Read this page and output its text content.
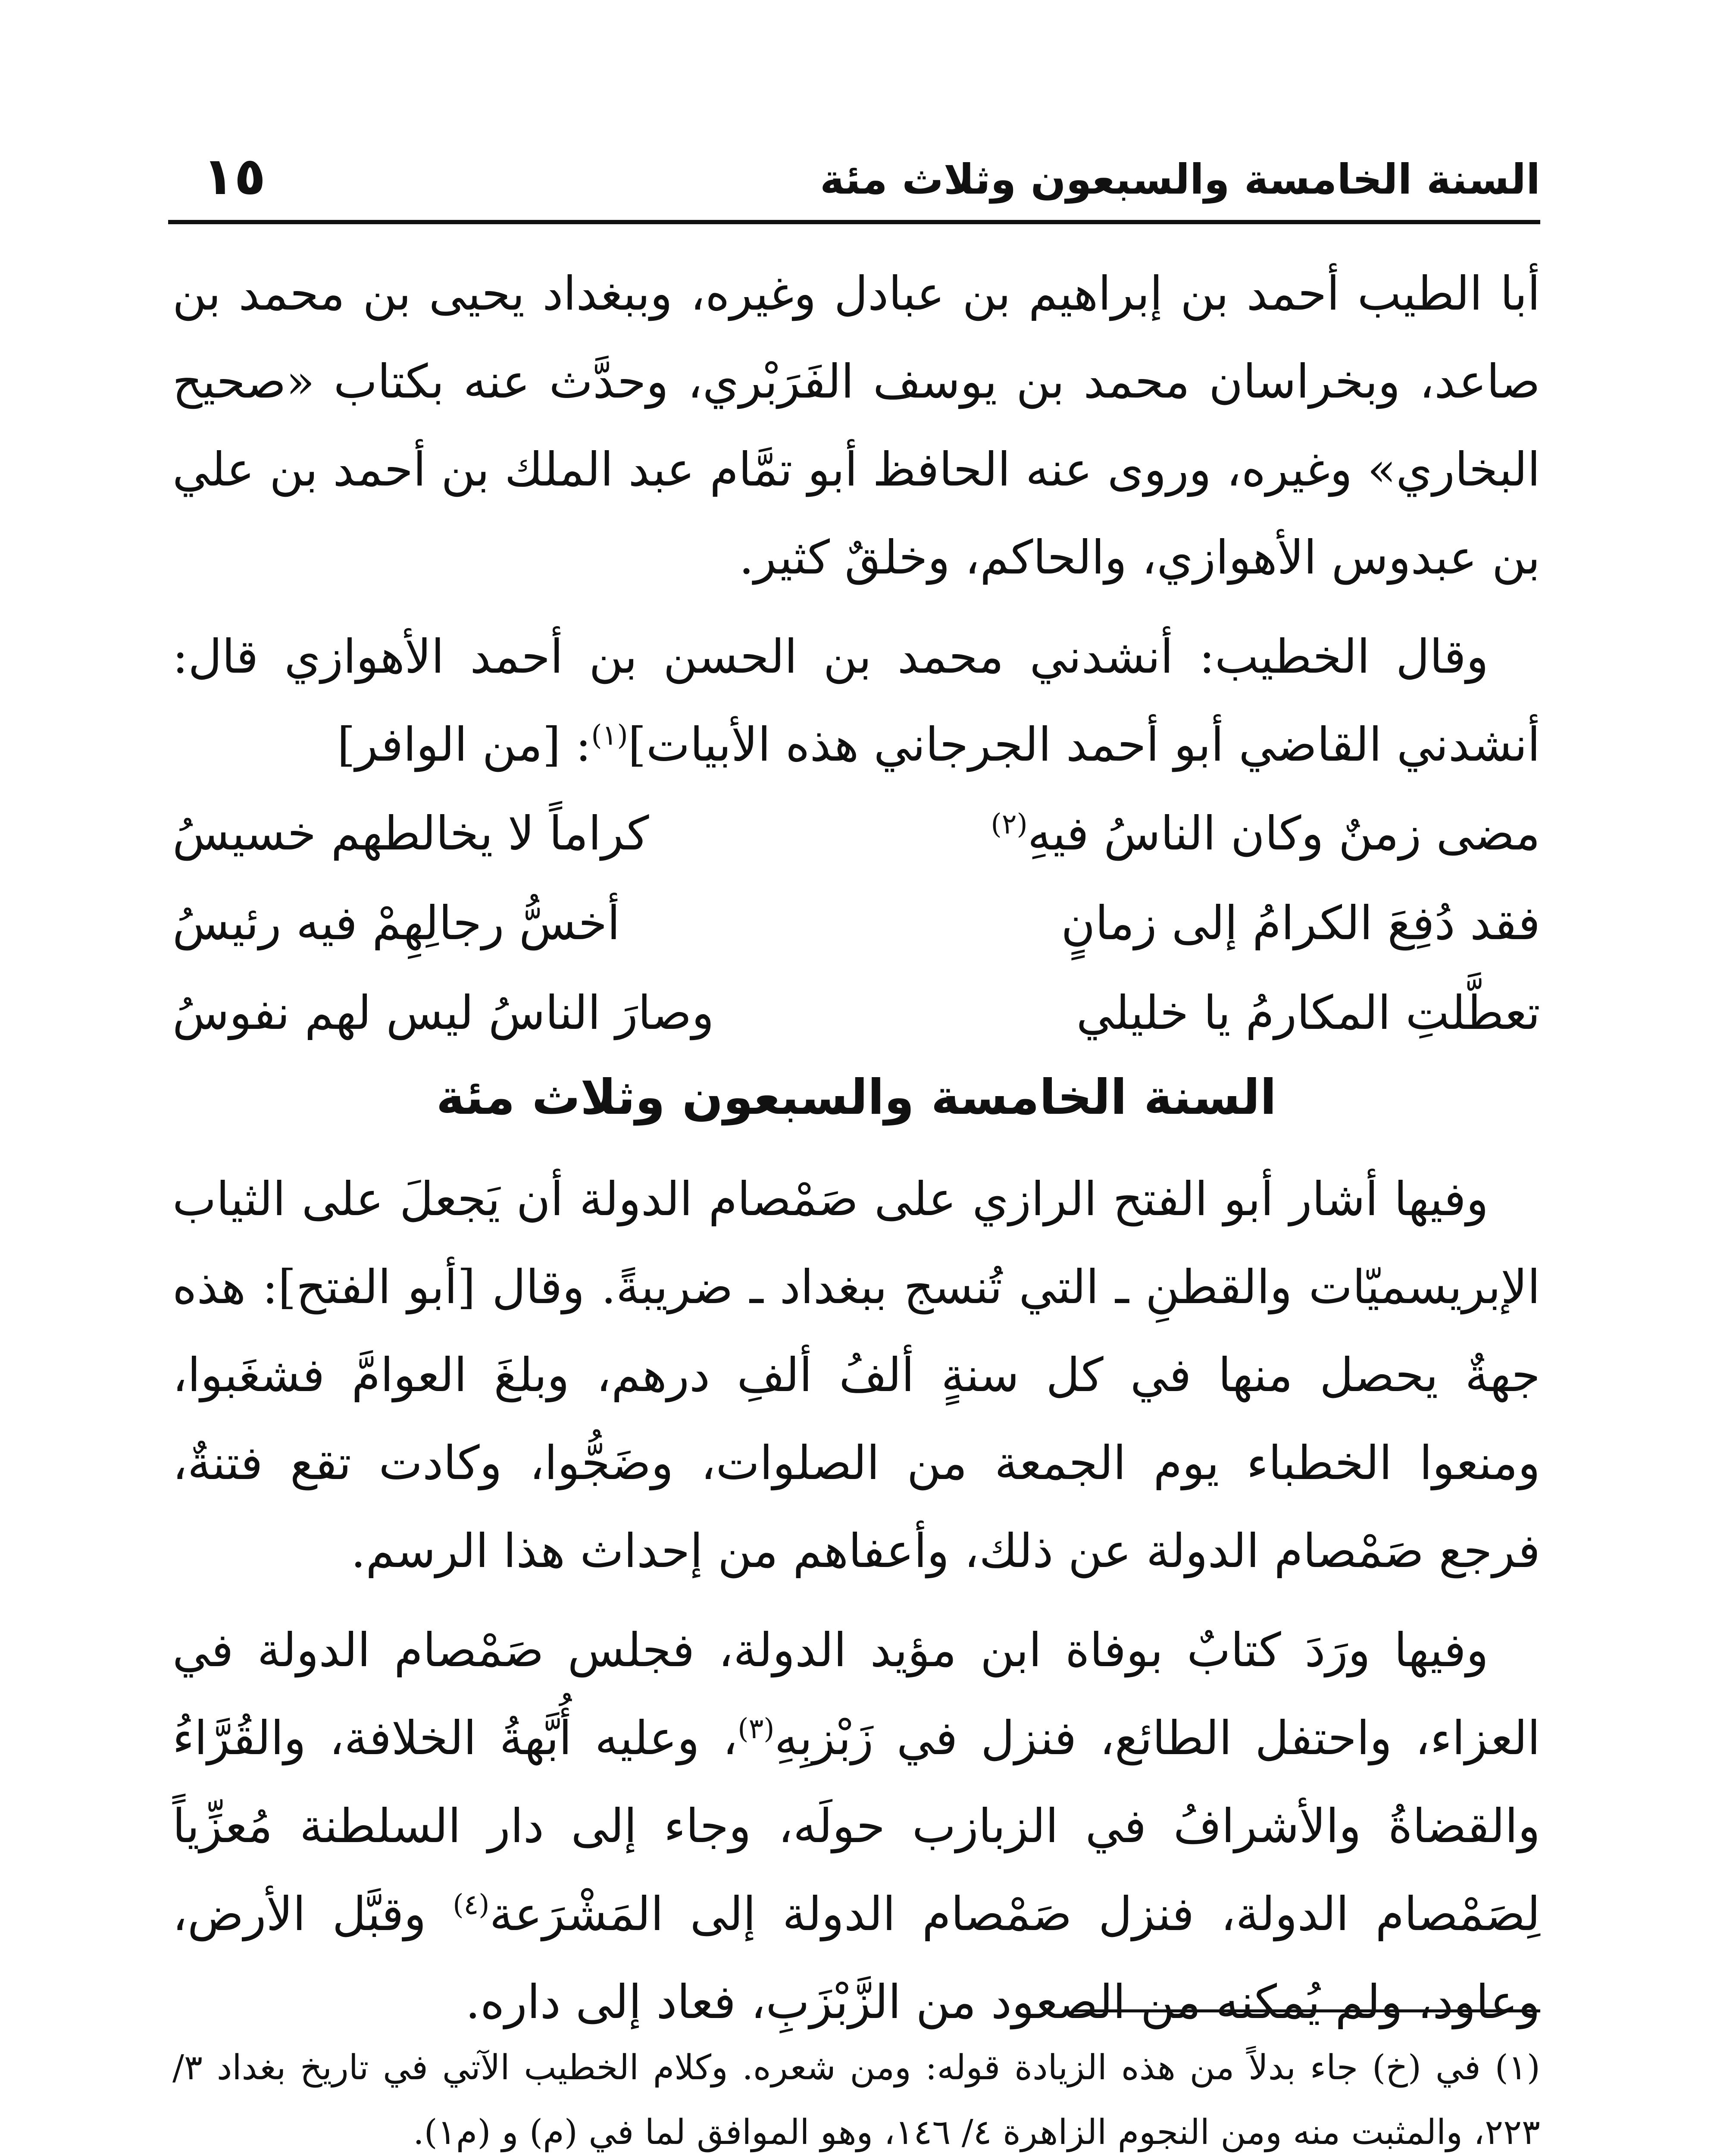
السنة الخامسة والسبعون وثلاث مئة
١٥

أبا الطيب أحمد بن إبراهيم بن عبادل وغيره، وببغداد يحيى بن محمد بن صاعد، وبخراسان محمد بن يوسف الفَرَبْري، وحدَّث عنه بكتاب «صحيح البخاري» وغيره، وروى عنه الحافظ أبو تمَّام عبد الملك بن أحمد بن علي بن عبدوس الأهوازي، والحاكم، وخلقٌ كثير.

وقال الخطيب: أنشدني محمد بن الحسن بن أحمد الأهوازي قال: أنشدني القاضي أبو أحمد الجرجاني هذه الأبيات]$^{(١)}$: [من الوافر]

مضى زمنٌ وكان الناسُ فيهِ$^{(٢)}$
كراماً لا يخالطهم خسيسُ
فقد دُفِعَ الكرامُ إلى زمانٍ
أخسُّ رجالِهِمْ فيه رئيسُ
تعطَّلتِ المكارمُ يا خليلي
وصارَ الناسُ ليس لهم نفوسُ
السنة الخامسة والسبعون وثلاث مئة

وفيها أشار أبو الفتح الرازي على صَمْصام الدولة أن يَجعلَ على الثياب الإبريسميّات والقطنِ ـ التي تُنسج ببغداد ـ ضريبةً. وقال [أبو الفتح]: هذه جهةٌ يحصل منها في كل سنةٍ ألفُ ألفِ درهم، وبلغَ العوامَّ فشغَبوا، ومنعوا الخطباء يوم الجمعة من الصلوات، وضَجُّوا، وكادت تقع فتنةٌ، فرجع صَمْصام الدولة عن ذلك، وأعفاهم من إحداث هذا الرسم.

وفيها ورَدَ كتابٌ بوفاة ابن مؤيد الدولة، فجلس صَمْصام الدولة في العزاء، واحتفل الطائع، فنزل في زَبْزبِهِ$^{(٣)}$، وعليه أُبَّهةُ الخلافة، والقُرَّاءُ والقضاةُ والأشرافُ في الزبازب حولَه، وجاء إلى دار السلطنة مُعزِّياً لِصَمْصام الدولة، فنزل صَمْصام الدولة إلى المَشْرَعة$^{(٤)}$ وقبَّل الأرض، وعاود، ولم يُمكنه من الصعود من الزَّبْزَبِ، فعاد إلى داره.

(١) في (خ) جاء بدلاً من هذه الزيادة قوله: ومن شعره. وكلام الخطيب الآتي في تاريخ بغداد ٣/ ٢٢٣، والمثبت منه ومن النجوم الزاهرة ٤/ ١٤٦، وهو الموافق لما في (م) و (م١).
